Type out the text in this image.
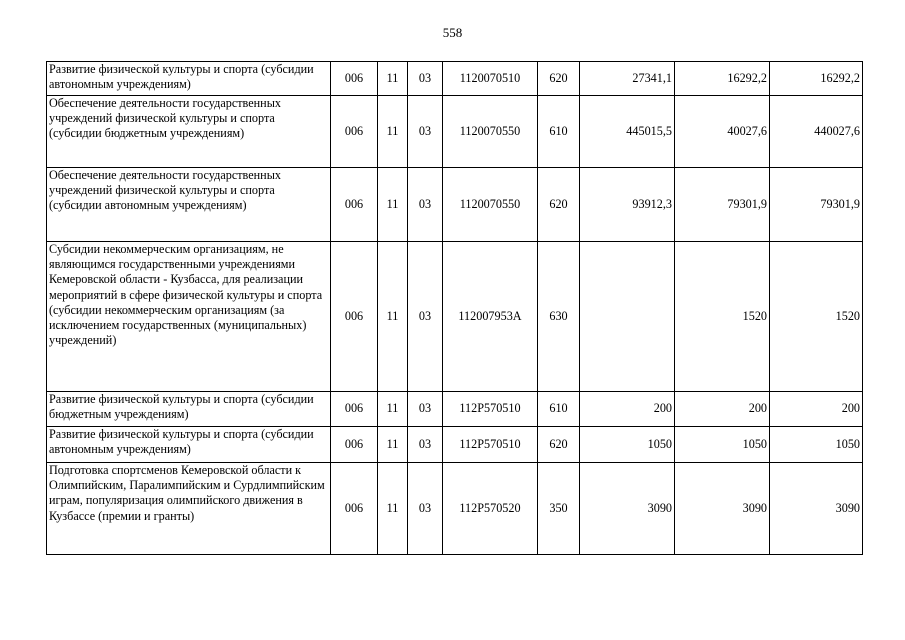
558
Развитие физической культуры и спорта (субсидии автономным учреждениям)	006	11	03	1120070510	620	27341,1	16292,2	16292,2
Обеспечение деятельности государственных учреждений физической культуры и спорта (субсидии бюджетным учреждениям)	006	11	03	1120070550	610	445015,5	40027,6	440027,6
Обеспечение деятельности государственных учреждений физической культуры и спорта (субсидии автономным учреждениям)	006	11	03	1120070550	620	93912,3	79301,9	79301,9
Субсидии некоммерческим организациям, не являющимся государственными учреждениями Кемеровской области - Кузбасса, для реализации мероприятий в сфере физической культуры и спорта (субсидии некоммерческим организациям (за исключением государственных (муниципальных) учреждений)	006	11	03	112007953А	630		1520	1520
Развитие физической культуры и спорта (субсидии бюджетным учреждениям)	006	11	03	112P570510	610	200	200	200
Развитие физической культуры и спорта (субсидии автономным учреждениям)	006	11	03	112P570510	620	1050	1050	1050
Подготовка спортсменов Кемеровской области к Олимпийским, Паралимпийским и Сурдлимпийским играм, популяризация олимпийского движения в Кузбассе (премии и гранты)	006	11	03	112P570520	350	3090	3090	3090
